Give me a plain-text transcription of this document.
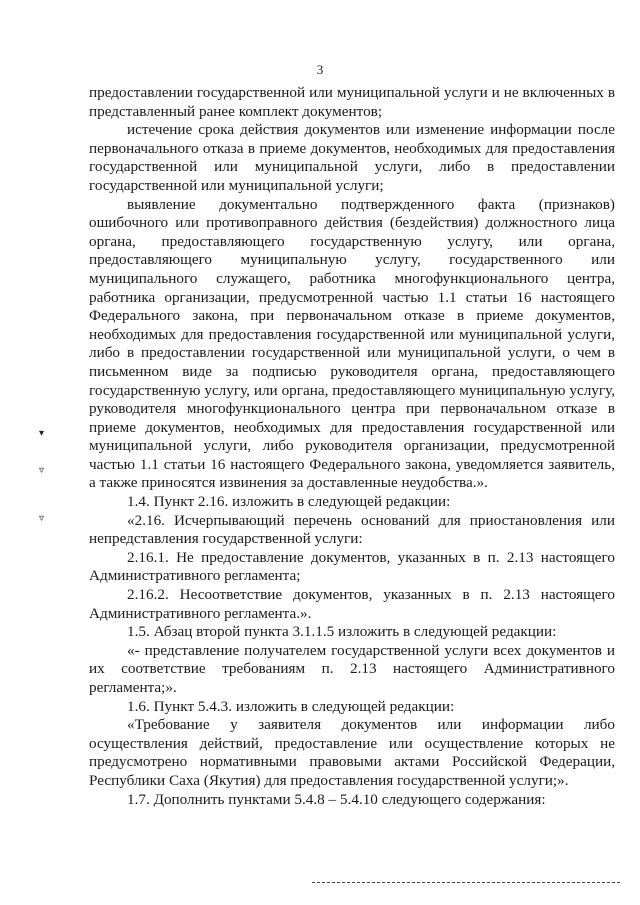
3

предоставлении государственной или муниципальной услуги и не включенных в представленный ранее комплект документов;

истечение срока действия документов или изменение информации после первоначального отказа в приеме документов, необходимых для предоставления государственной или муниципальной услуги, либо в предоставлении государственной или муниципальной услуги;

выявление документально подтвержденного факта (признаков) ошибочного или противоправного действия (бездействия) должностного лица органа, предоставляющего государственную услугу, или органа, предоставляющего муниципальную услугу, государственного или муниципального служащего, работника многофункционального центра, работника организации, предусмотренной частью 1.1 статьи 16 настоящего Федерального закона, при первоначальном отказе в приеме документов, необходимых для предоставления государственной или муниципальной услуги, либо в предоставлении государственной или муниципальной услуги, о чем в письменном виде за подписью руководителя органа, предоставляющего государственную услугу, или органа, предоставляющего муниципальную услугу, руководителя многофункционального центра при первоначальном отказе в приеме документов, необходимых для предоставления государственной или муниципальной услуги, либо руководителя организации, предусмотренной частью 1.1 статьи 16 настоящего Федерального закона, уведомляется заявитель, а также приносятся извинения за доставленные неудобства.».

1.4. Пункт 2.16. изложить в следующей редакции:

«2.16. Исчерпывающий перечень оснований для приостановления или непредставления государственной услуги:

2.16.1. Не предоставление документов, указанных в п. 2.13 настоящего Административного регламента;

2.16.2. Несоответствие документов, указанных в п. 2.13 настоящего Административного регламента.».

1.5. Абзац второй пункта 3.1.1.5 изложить в следующей редакции:

«- представление получателем государственной услуги всех документов и их соответствие требованиям п. 2.13 настоящего Административного регламента;».

1.6. Пункт 5.4.3. изложить в следующей редакции:

«Требование у заявителя документов или информации либо осуществления действий, предоставление или осуществление которых не предусмотрено нормативными правовыми актами Российской Федерации, Республики Саха (Якутия) для предоставления государственной услуги;».

1.7. Дополнить пунктами 5.4.8 – 5.4.10 следующего содержания:

▾
▿
▿
